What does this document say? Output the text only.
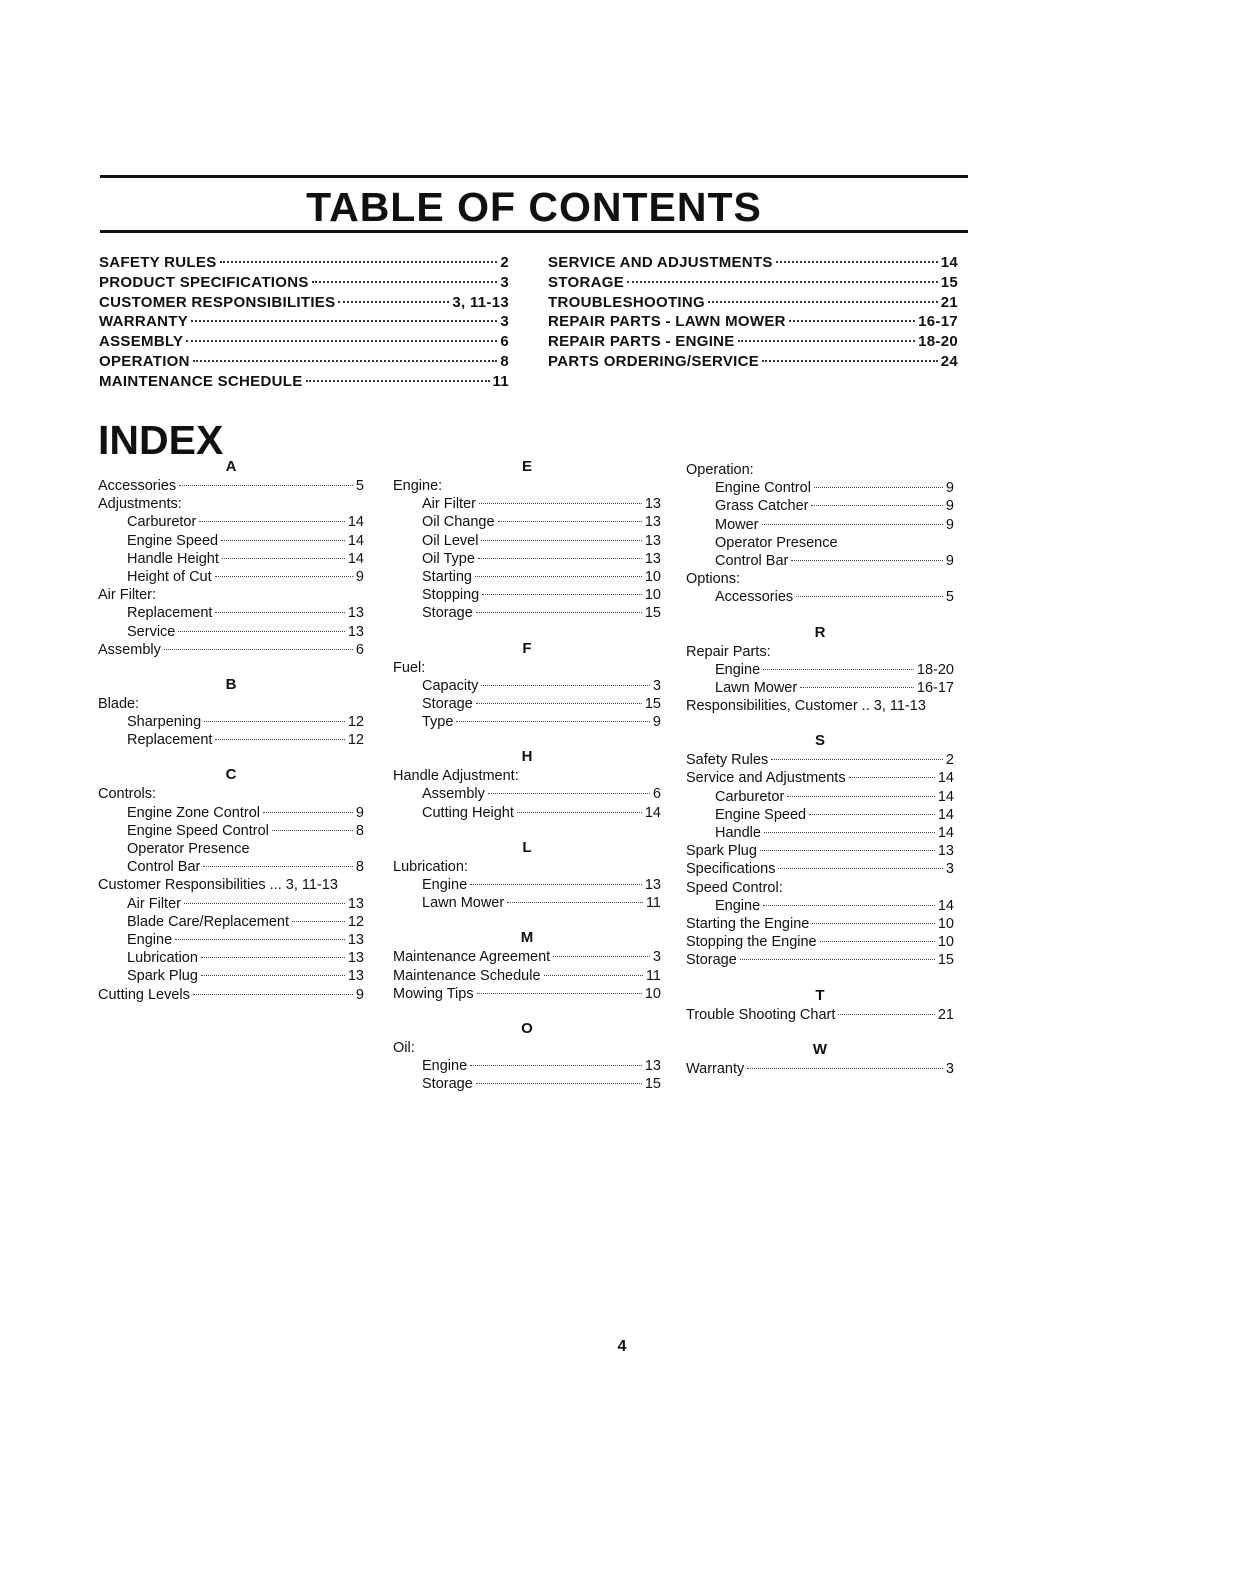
TABLE OF CONTENTS
SAFETY RULES	2
PRODUCT SPECIFICATIONS	3
CUSTOMER RESPONSIBILITIES	3, 11-13
WARRANTY	3
ASSEMBLY	6
OPERATION	8
MAINTENANCE SCHEDULE	11
SERVICE AND ADJUSTMENTS	14
STORAGE	15
TROUBLESHOOTING	21
REPAIR PARTS - LAWN MOWER	16-17
REPAIR PARTS - ENGINE	18-20
PARTS ORDERING/SERVICE	24
INDEX
A
Accessories	5
Adjustments:
Carburetor	14
Engine Speed	14
Handle Height	14
Height of Cut	9
Air Filter:
Replacement	13
Service	13
Assembly	6
B
Blade:
Sharpening	12
Replacement	12
C
Controls:
Engine Zone Control	9
Engine Speed Control	8
Operator Presence
Control Bar	8
Customer Responsibilities ... 3, 11-13
Air Filter	13
Blade Care/Replacement	12
Engine	13
Lubrication	13
Spark Plug	13
Cutting Levels	9
E
Engine:
Air Filter	13
Oil Change	13
Oil Level	13
Oil Type	13
Starting	10
Stopping	10
Storage	15
F
Fuel:
Capacity	3
Storage	15
Type	9
H
Handle Adjustment:
Assembly	6
Cutting Height	14
L
Lubrication:
Engine	13
Lawn Mower	11
M
Maintenance Agreement	3
Maintenance Schedule	11
Mowing Tips	10
O
Oil:
Engine	13
Storage	15
Operation:
Engine Control	9
Grass Catcher	9
Mower	9
Operator Presence
Control Bar	9
Options:
Accessories	5
R
Repair Parts:
Engine	18-20
Lawn Mower	16-17
Responsibilities, Customer .. 3, 11-13
S
Safety Rules	2
Service and Adjustments	14
Carburetor	14
Engine Speed	14
Handle	14
Spark Plug	13
Specifications	3
Speed Control:
Engine	14
Starting the Engine	10
Stopping the Engine	10
Storage	15
T
Trouble Shooting Chart	21
W
Warranty	3
4
